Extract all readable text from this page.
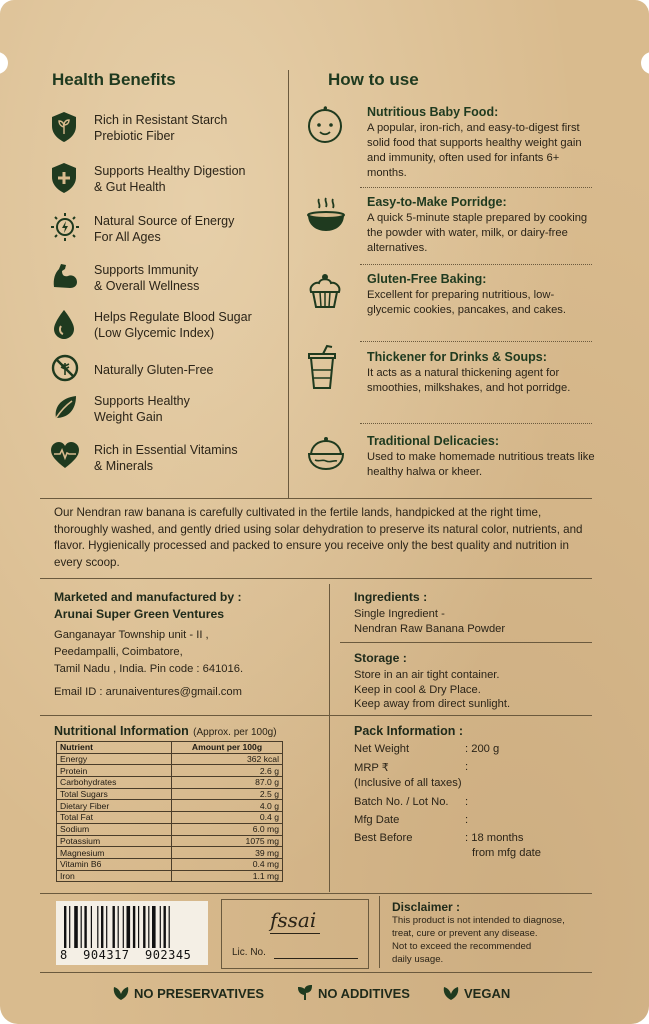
Health Benefits
Rich in Resistant Starch
Prebiotic Fiber
Supports Healthy Digestion
& Gut Health
Natural Source of Energy
For All Ages
Supports Immunity
& Overall Wellness
Helps Regulate Blood Sugar
(Low Glycemic Index)
Naturally Gluten-Free
Supports Healthy
Weight Gain
Rich in Essential Vitamins
& Minerals
How to use
Nutritious Baby Food:
A popular, iron-rich, and easy-to-digest first solid food that supports healthy weight gain and immunity, often used for infants 6+ months.
Easy-to-Make Porridge:
A quick 5-minute staple prepared by cooking the powder with water, milk, or dairy-free alternatives.
Gluten-Free Baking:
Excellent for preparing nutritious, low-glycemic cookies, pancakes, and cakes.
Thickener for Drinks & Soups:
It acts as a natural thickening agent for smoothies, milkshakes, and hot porridge.
Traditional Delicacies:
Used to make homemade nutritious treats like healthy halwa or kheer.
Our Nendran raw banana is carefully cultivated in the fertile lands, handpicked at the right time, thoroughly washed, and gently dried using solar dehydration to preserve its natural color, nutrients, and flavor. Hygienically processed and packed to ensure you receive only the best quality and nutrition in every scoop.
Marketed and manufactured by :
Arunai Super Green Ventures
Ganganayar Township unit - II ,
Peedampalli, Coimbatore,
Tamil Nadu , India. Pin code : 641016.
Email ID : arunaiventures@gmail.com
Ingredients :
Single Ingredient -
Nendran Raw Banana Powder
Storage :
Store in an air tight container.
Keep in cool & Dry Place.
Keep away from direct sunlight.
Nutritional Information (Approx. per 100g)
Nutrient	Amount per 100g
Energy	362 kcal
Protein	2.6 g
Carbohydrates	87.0 g
Total Sugars	2.5 g
Dietary Fiber	4.0 g
Total Fat	0.4 g
Sodium	6.0 mg
Potassium	1075 mg
Magnesium	39 mg
Vitamin B6	0.4 mg
Iron	1.1 mg
Pack Information :
Net Weight	: 200 g
MRP ₹	:
(Inclusive of all taxes)
Batch No. / Lot No. :
Mfg Date	:
Best Before	: 18 months
from mfg date
8  904317  902345
fssai
Lic. No.
Disclaimer :
This product is not intended to diagnose,
treat, cure or prevent any disease.
Not to exceed the recommended
daily usage.
NO PRESERVATIVES	NO ADDITIVES	VEGAN
